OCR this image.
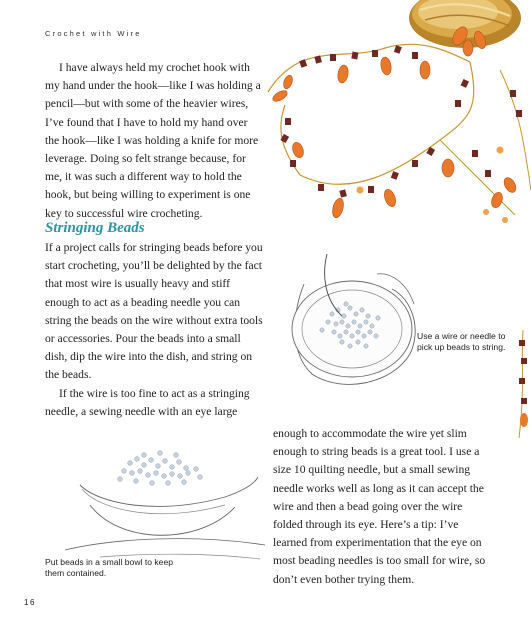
Crochet with Wire

I have always held my crochet hook with my hand under the hook—like I was holding a pencil—but with some of the heavier wires, I’ve found that I have to hold my hand over the hook—like I was holding a knife for more leverage. Doing so felt strange because, for me, it was such a different way to hold the hook, but being willing to experiment is one key to successful wire crocheting.

Stringing Beads

If a project calls for stringing beads before you start crocheting, you’ll be delighted by the fact that most wire is usually heavy and stiff enough to act as a beading needle you can string the beads on the wire without extra tools or accessories. Pour the beads into a small dish, dip the wire into the dish, and string on the beads.

If the wire is too fine to act as a stringing needle, a sewing needle with an eye large

enough to accommodate the wire yet slim enough to string beads is a great tool. I use a size 10 quilting needle, but a small sewing needle works well as long as it can accept the wire and then a bead going over the wire folded through its eye. Here’s a tip: I’ve learned from experimentation that the eye on most beading needles is too small for wire, so don’t even bother trying them.

Use a wire or needle to pick up beads to string.
Put beads in a small bowl to keep them contained.
16
